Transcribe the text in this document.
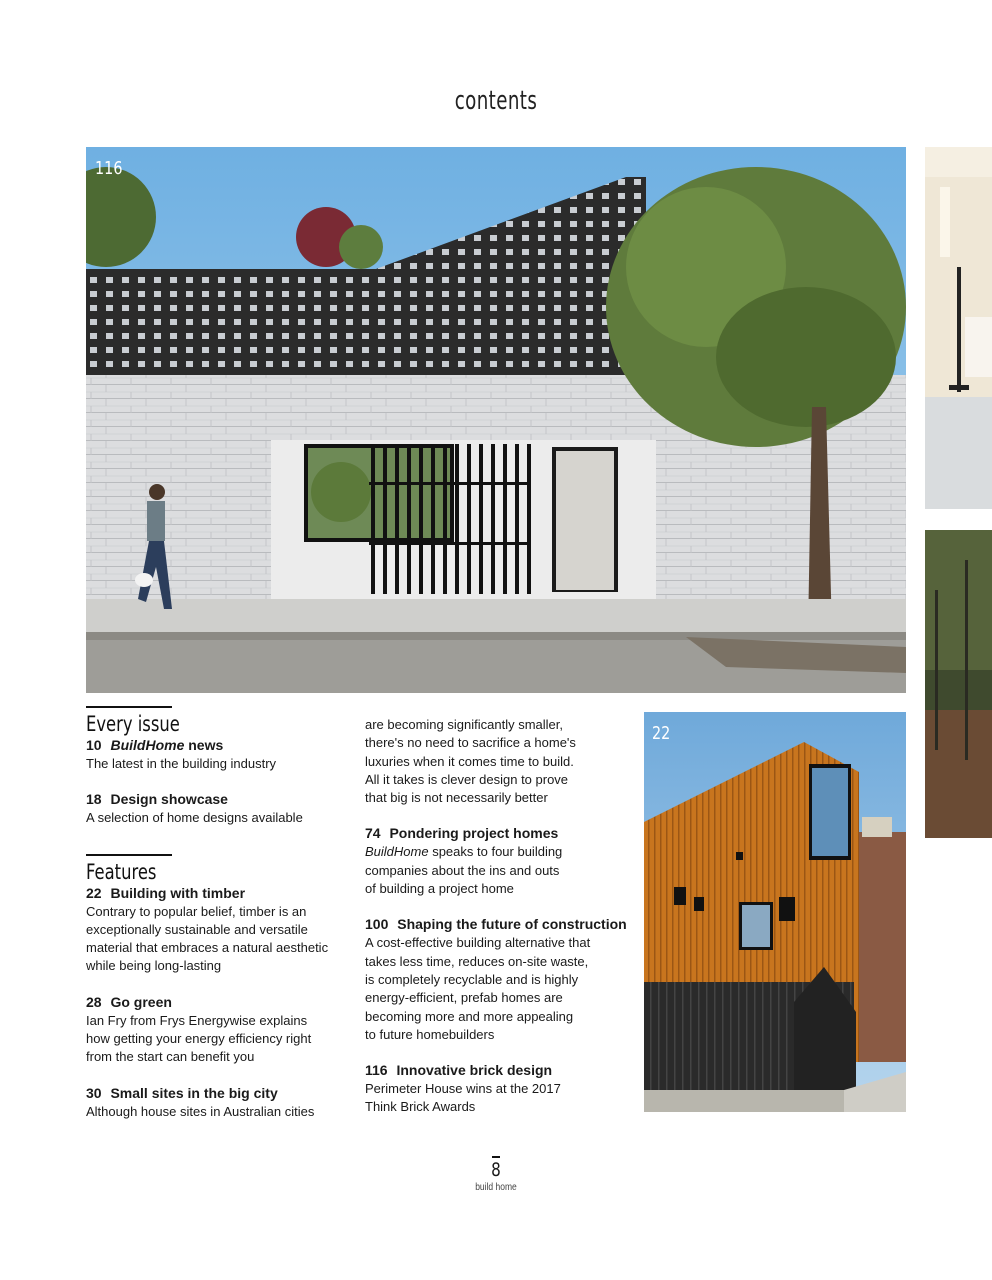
contents
116
22
Every issue
10 BuildHome news
The latest in the building industry
18 Design showcase
A selection of home designs available
Features
22 Building with timber
Contrary to popular belief, timber is an
exceptionally sustainable and versatile
material that embraces a natural aesthetic
while being long-lasting
28 Go green
Ian Fry from Frys Energywise explains
how getting your energy efficiency right
from the start can benefit you
30 Small sites in the big city
Although house sites in Australian cities
are becoming significantly smaller,
there's no need to sacrifice a home's
luxuries when it comes time to build.
All it takes is clever design to prove
that big is not necessarily better
74 Pondering project homes
BuildHome speaks to four building
companies about the ins and outs
of building a project home
100 Shaping the future of construction
A cost-effective building alternative that
takes less time, reduces on-site waste,
is completely recyclable and is highly
energy-efficient, prefab homes are
becoming more and more appealing
to future homebuilders
116 Innovative brick design
Perimeter House wins at the 2017
Think Brick Awards
8
build home
